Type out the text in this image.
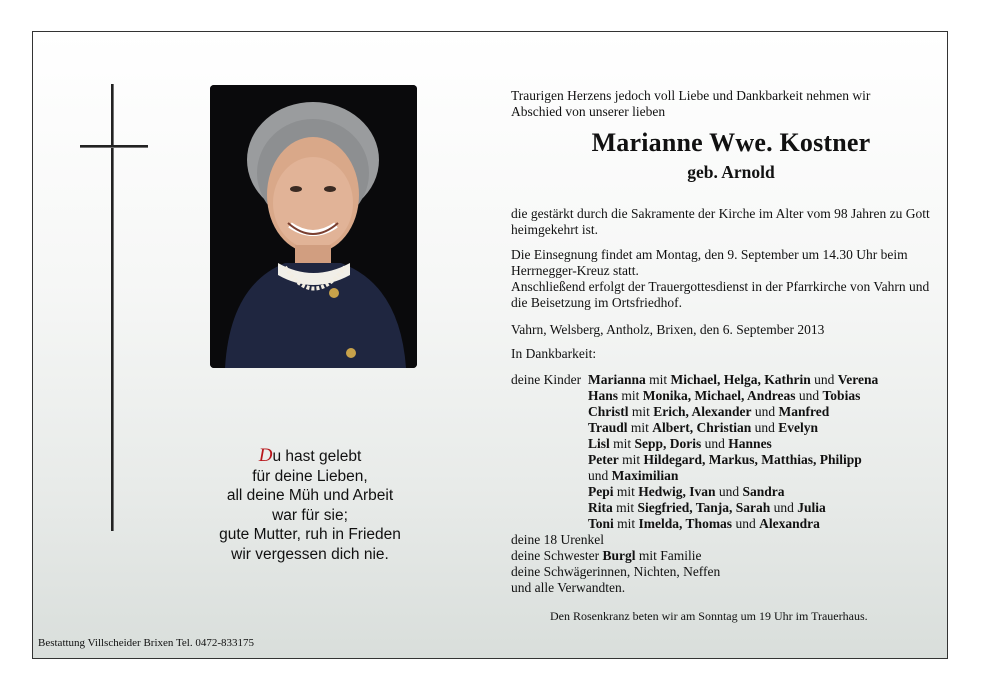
Du hast gelebt
für deine Lieben,
all deine Müh und Arbeit
war für sie;
gute Mutter, ruh in Frieden
wir vergessen dich nie.
Bestattung Villscheider Brixen Tel. 0472-833175
Traurigen Herzens jedoch voll Liebe und Dankbarkeit nehmen wir Abschied von unserer lieben
Marianne Wwe. Kostner
geb. Arnold
die gestärkt durch die Sakramente der Kirche im Alter vom 98 Jahren zu Gott heimgekehrt ist.
Die Einsegnung findet am Montag, den 9. September um 14.30 Uhr beim Herrnegger-Kreuz statt.
Anschließend erfolgt der Trauergottesdienst in der Pfarrkirche von Vahrn und die Beisetzung im Ortsfriedhof.
Vahrn, Welsberg, Antholz, Brixen, den 6. September 2013
In Dankbarkeit:
deine Kinder Marianna mit Michael, Helga, Kathrin und Verena
Hans mit Monika, Michael, Andreas und Tobias
Christl mit Erich, Alexander und Manfred
Traudl mit Albert, Christian und Evelyn
Lisl mit Sepp, Doris und Hannes
Peter mit Hildegard, Markus, Matthias, Philipp
und Maximilian
Pepi mit Hedwig, Ivan und Sandra
Rita mit Siegfried, Tanja, Sarah und Julia
Toni mit Imelda, Thomas und Alexandra
deine 18 Urenkel
deine Schwester Burgl mit Familie
deine Schwägerinnen, Nichten, Neffen
und alle Verwandten.
Den Rosenkranz beten wir am Sonntag um 19 Uhr im Trauerhaus.
